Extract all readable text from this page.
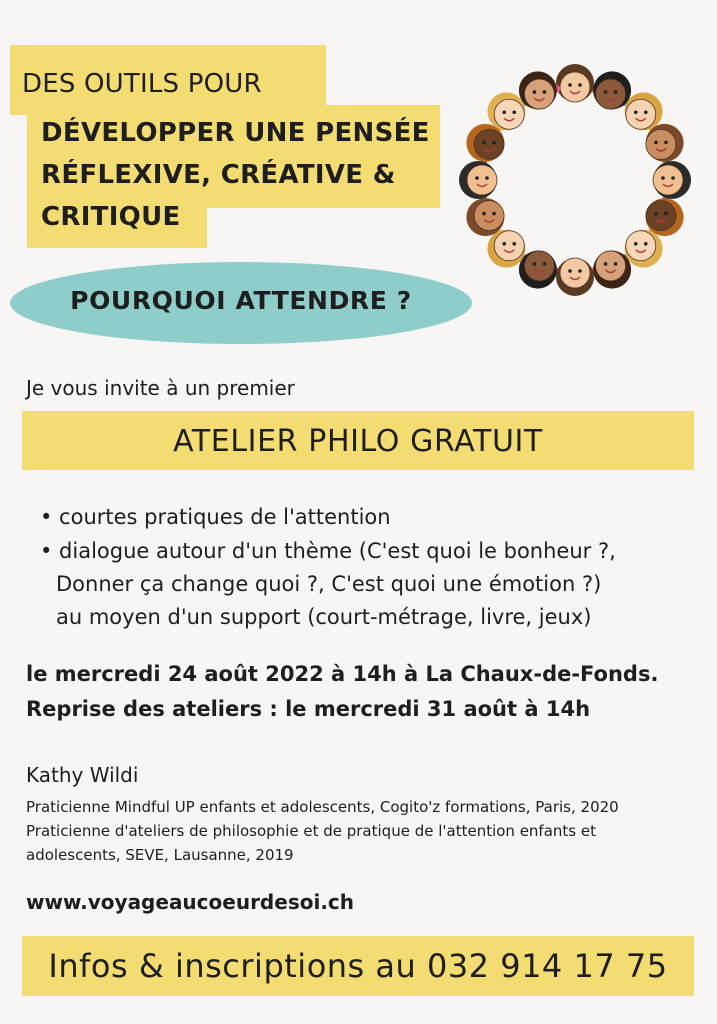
DES OUTILS POUR
DÉVELOPPER UNE PENSÉE
RÉFLEXIVE, CRÉATIVE &
CRITIQUE
POURQUOI ATTENDRE ?
Je vous invite à un premier
ATELIER PHILO GRATUIT
• courtes pratiques de l'attention
• dialogue autour d'un thème (C'est quoi le bonheur ?,
Donner ça change quoi ?, C'est quoi une émotion ?)
au moyen d'un support (court-métrage, livre, jeux)
le mercredi 24 août 2022 à 14h à La Chaux-de-Fonds.
Reprise des ateliers : le mercredi 31 août à 14h
Kathy Wildi
Praticienne Mindful UP enfants et adolescents, Cogito'z formations, Paris, 2020
Praticienne d'ateliers de philosophie et de pratique de l'attention enfants et
adolescents, SEVE, Lausanne, 2019
www.voyageaucoeurdesoi.ch
Infos & inscriptions au 032 914 17 75
